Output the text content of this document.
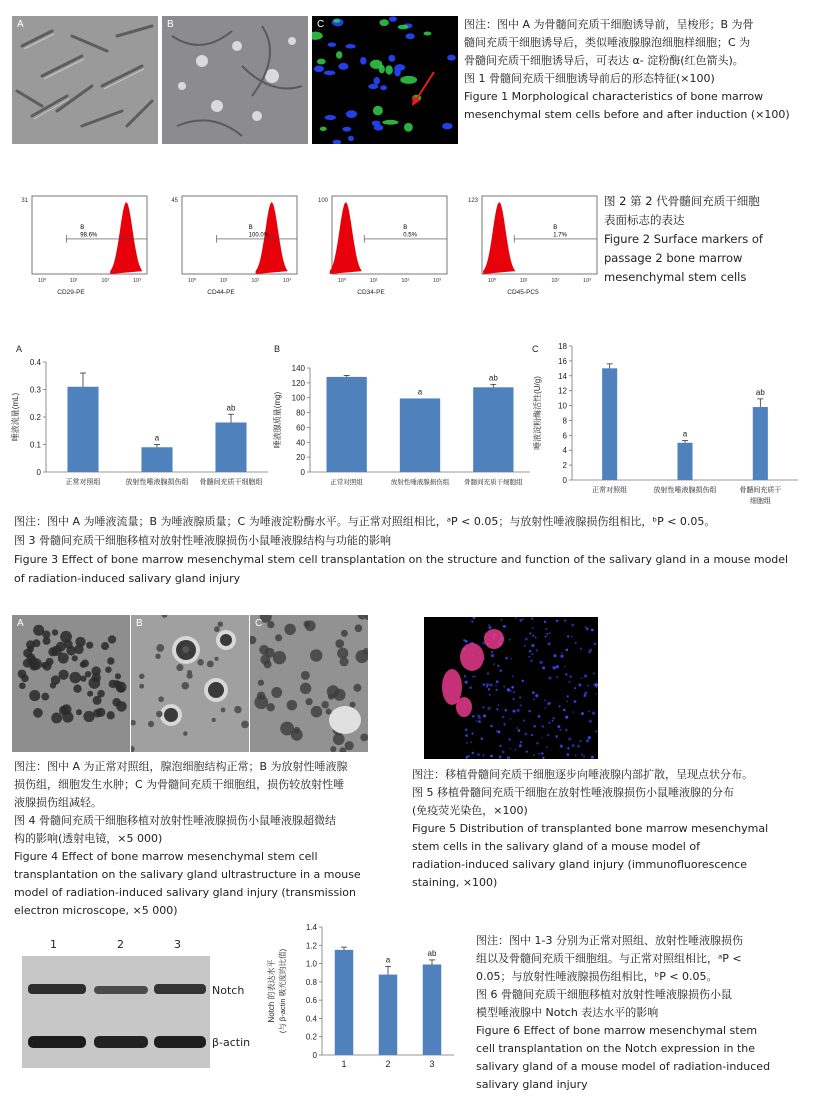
A	B	C	图注：图中 A 为骨髓间充质干细胞诱导前，呈梭形；B 为骨

髓间充质干细胞诱导后，类似唾液腺腺泡细胞样细胞；C 为

骨髓间充质干细胞诱导后，可表达 α- 淀粉酶(红色箭头)。

图 1 骨髓间充质干细胞诱导前后的形态特征(×100)

Figure 1 Morphological characteristics of bone marrow

mesenchymal stem cells before and after induction (×100)

31
B
98.6%
10⁰	10¹	10²	10³
CD29-PE
45
B
100.0%
10⁰	10¹	10²	10³
CD44-PE
100
B
0.5%
10⁰	10¹	10²	10³
CD34-PE
123
B
1.7%
10⁰	10¹	10²	10³
CD45-PC5

图 2 第 2 代骨髓间充质干细胞

表面标志的表达

Figure 2 Surface markers of

passage 2 bone marrow

mesenchymal stem cells

0
0.1
0.2
0.3
0.4
正常对照组
a
放射性唾液腺损伤组
ab
骨髓间充质干细胞组
A
唾液流量(mL)
0
20
40
60
80
100
120
140
正常对照组
a
放射性唾液腺损伤组
ab
骨髓间充质干细胞组
B
唾液腺质量(mg)
0
2
4
6
8
10
12
14
16
18
正常对照组
a
放射性唾液腺损伤组
ab
骨髓间充质干
细胞组
C
唾液淀粉酶活性(U/g)

图注：图中 A 为唾液流量；B 为唾液腺质量；C 为唾液淀粉酶水平。与正常对照组相比，ᵃP < 0.05；与放射性唾液腺损伤组相比，ᵇP < 0.05。

图 3 骨髓间充质干细胞移植对放射性唾液腺损伤小鼠唾液腺结构与功能的影响

Figure 3 Effect of bone marrow mesenchymal stem cell transplantation on the structure and function of the salivary gland in a mouse model

of radiation-induced salivary gland injury

A	B	C

图注：图中 A 为正常对照组，腺泡细胞结构正常；B 为放射性唾液腺

损伤组，细胞发生水肿；C 为骨髓间充质干细胞组，损伤较放射性唾

液腺损伤组减轻。

图 4 骨髓间充质干细胞移植对放射性唾液腺损伤小鼠唾液腺超微结

构的影响(透射电镜，×5 000)

Figure 4 Effect of bone marrow mesenchymal stem cell

transplantation on the salivary gland ultrastructure in a mouse

model of radiation-induced salivary gland injury (transmission

electron microscope, ×5 000)

图注：移植骨髓间充质干细胞逐步向唾液腺内部扩散，呈现点状分布。

图 5 移植骨髓间充质干细胞在放射性唾液腺损伤小鼠唾液腺的分布

(免疫荧光染色，×100)

Figure 5 Distribution of transplanted bone marrow mesenchymal

stem cells in the salivary gland of a mouse model of

radiation-induced salivary gland injury (immunofluorescence

staining, ×100)

1	2	3
Notch
β-actin
0
0.2
0.4
0.6
0.8
1.0
1.2
1.4
1
a
2
ab
3
Notch 的表达水平 (与 β-actin 吸光度的比值)

图注：图中 1-3 分别为正常对照组、放射性唾液腺损伤

组以及骨髓间充质干细胞组。与正常对照组相比，ᵃP <

0.05；与放射性唾液腺损伤组相比，ᵇP < 0.05。

图 6 骨髓间充质干细胞移植对放射性唾液腺损伤小鼠

模型唾液腺中 Notch 表达水平的影响

Figure 6 Effect of bone marrow mesenchymal stem

cell transplantation on the Notch expression in the

salivary gland of a mouse model of radiation-induced

salivary gland injury
